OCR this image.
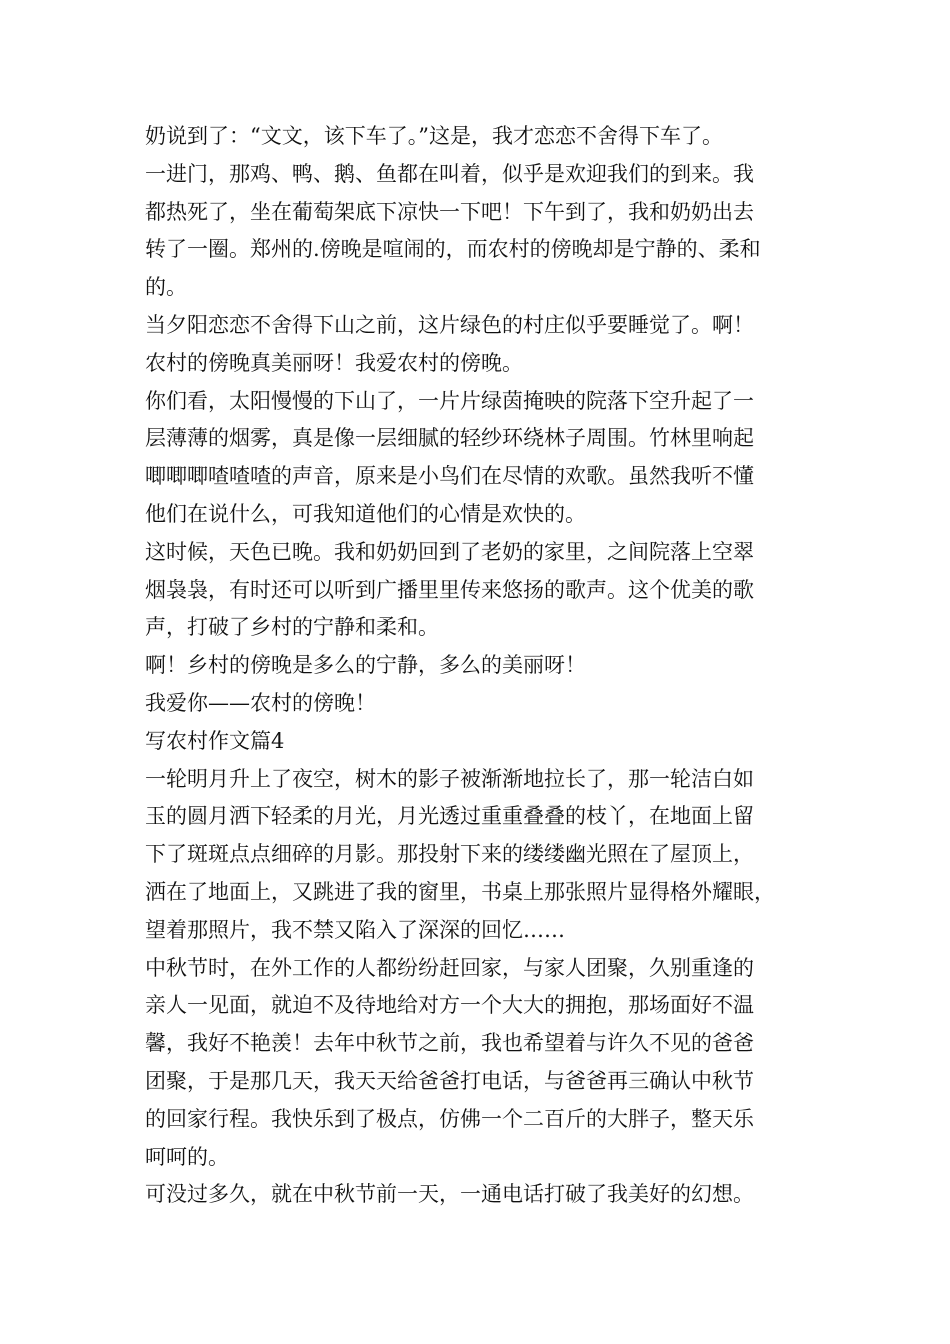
奶说到了：“文文，该下车了。”这是，我才恋恋不舍得下车了。
一进门，那鸡、鸭、鹅、鱼都在叫着，似乎是欢迎我们的到来。我
都热死了，坐在葡萄架底下凉快一下吧！下午到了，我和奶奶出去
转了一圈。郑州的.傍晚是喧闹的，而农村的傍晚却是宁静的、柔和
的。
当夕阳恋恋不舍得下山之前，这片绿色的村庄似乎要睡觉了。啊！
农村的傍晚真美丽呀！我爱农村的傍晚。
你们看，太阳慢慢的下山了，一片片绿茵掩映的院落下空升起了一
层薄薄的烟雾，真是像一层细腻的轻纱环绕林子周围。竹林里响起
唧唧唧喳喳喳的声音，原来是小鸟们在尽情的欢歌。虽然我听不懂
他们在说什么，可我知道他们的心情是欢快的。
这时候，天色已晚。我和奶奶回到了老奶的家里，之间院落上空翠
烟袅袅，有时还可以听到广播里里传来悠扬的歌声。这个优美的歌
声，打破了乡村的宁静和柔和。
啊！乡村的傍晚是多么的宁静，多么的美丽呀！
我爱你——农村的傍晚！
写农村作文篇4
一轮明月升上了夜空，树木的影子被渐渐地拉长了，那一轮洁白如
玉的圆月洒下轻柔的月光，月光透过重重叠叠的枝丫，在地面上留
下了斑斑点点细碎的月影。那投射下来的缕缕幽光照在了屋顶上，
洒在了地面上，又跳进了我的窗里，书桌上那张照片显得格外耀眼，
望着那照片，我不禁又陷入了深深的回忆……
中秋节时，在外工作的人都纷纷赶回家，与家人团聚，久别重逢的
亲人一见面，就迫不及待地给对方一个大大的拥抱，那场面好不温
馨，我好不艳羡！去年中秋节之前，我也希望着与许久不见的爸爸
团聚，于是那几天，我天天给爸爸打电话，与爸爸再三确认中秋节
的回家行程。我快乐到了极点，仿佛一个二百斤的大胖子，整天乐
呵呵的。
可没过多久，就在中秋节前一天，一通电话打破了我美好的幻想。
